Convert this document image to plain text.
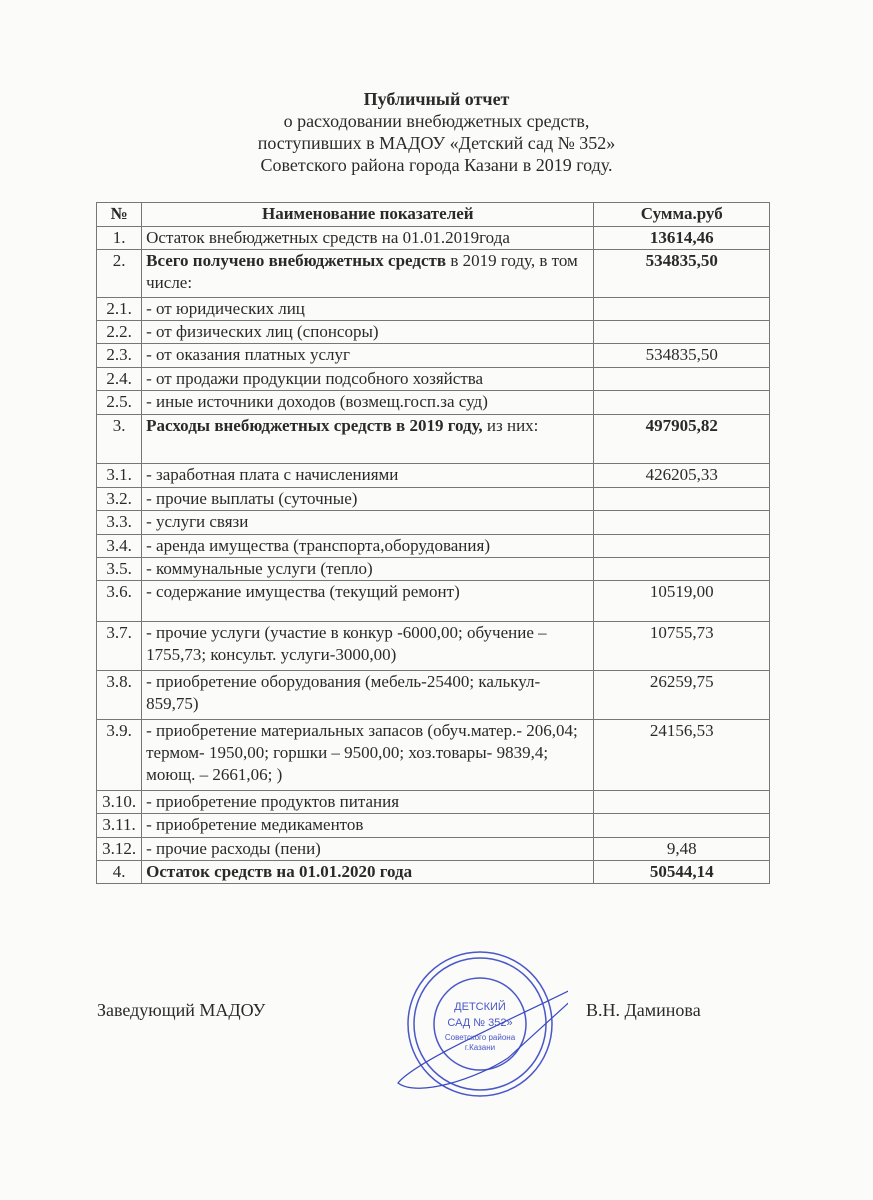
Публичный отчет
о расходовании внебюджетных средств,
поступивших в МАДОУ «Детский сад № 352»
Советского района города Казани в 2019 году.
№	Наименование показателей	Сумма.руб
1.	Остаток внебюджетных средств на 01.01.2019года	13614,46
2.	Всего получено внебюджетных средств в 2019 году, в том числе:	534835,50
2.1.	- от юридических лиц	
2.2.	- от физических лиц (спонсоры)	
2.3.	- от оказания платных услуг	534835,50
2.4.	- от продажи продукции подсобного хозяйства	
2.5.	- иные источники доходов (возмещ.госп.за суд)	
3.	Расходы внебюджетных средств в 2019 году, из них:	497905,82
3.1.	- заработная плата с начислениями	426205,33
3.2.	- прочие выплаты (суточные)	
3.3.	- услуги связи	
3.4.	- аренда имущества (транспорта,оборудования)	
3.5.	- коммунальные услуги (тепло)	
3.6.	- содержание имущества (текущий ремонт)	10519,00
3.7.	- прочие услуги (участие в конкур -6000,00; обучение – 1755,73; консульт. услуги-3000,00)	10755,73
3.8.	- приобретение оборудования (мебель-25400; калькул- 859,75)	26259,75
3.9.	- приобретение материальных запасов (обуч.матер.- 206,04; термом- 1950,00; горшки – 9500,00; хоз.товары- 9839,4; моющ. – 2661,06; )	24156,53
3.10.	- приобретение продуктов питания	
3.11.	- приобретение медикаментов	
3.12.	- прочие расходы (пени)	9,48
4.	Остаток средств на 01.01.2020 года	50544,14
Заведующий МАДОУ	В.Н. Даминова
ДЕТСКИЙ
САД № 352»
Советского района
г.Казани
